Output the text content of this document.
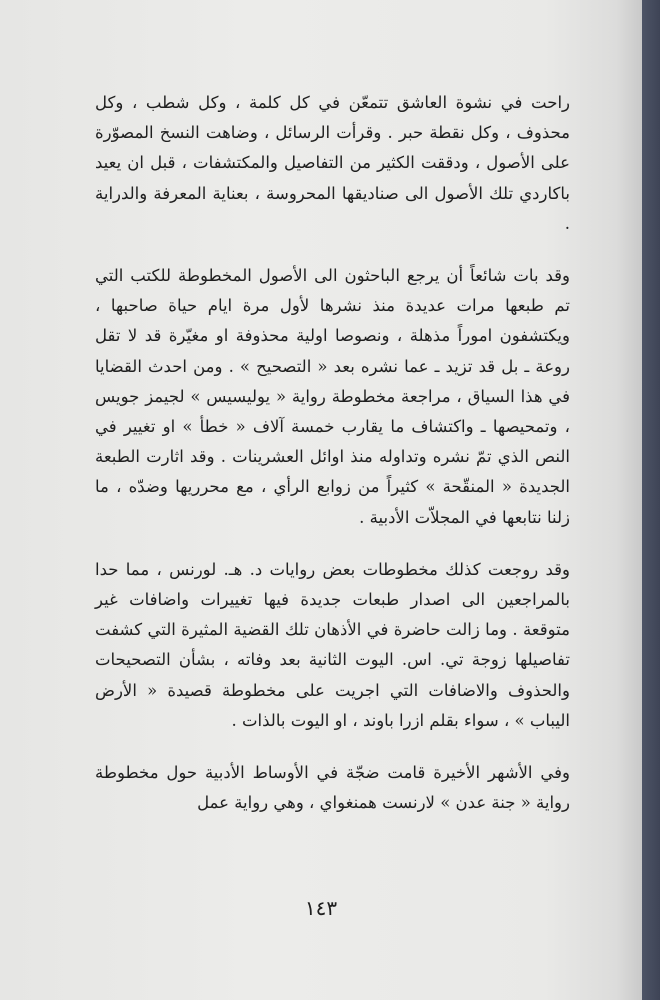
راحت في نشوة العاشق تتمعّن في كل كلمة ، وكل شطب ، وكل محذوف ، وكل نقطة حبر . وقرأت الرسائل ، وضاهت النسخ المصوّرة على الأصول ، ودققت الكثير من التفاصيل والمكتشفات ، قبل ان يعيد باكاردي تلك الأصول الى صناديقها المحروسة ، بعناية المعرفة والدراية .

وقد بات شائعاً أن يرجع الباحثون الى الأصول المخطوطة للكتب التي تم طبعها مرات عديدة منذ نشرها لأول مرة ايام حياة صاحبها ، ويكتشفون اموراً مذهلة ، ونصوصا اولية محذوفة او مغيّرة قد لا تقل روعة ـ بل قد تزيد ـ عما نشره بعد « التصحيح » . ومن احدث القضايا في هذا السياق ، مراجعة مخطوطة رواية « يوليسيس » لجيمز جويس ، وتمحيصها ـ واكتشاف ما يقارب خمسة آلاف « خطأ » او تغيير في النص الذي تمّ نشره وتداوله منذ اوائل العشرينات . وقد اثارت الطبعة الجديدة « المنقّحة » كثيراً من زوابع الرأي ، مع محرريها وضدّه ، ما زلنا نتابعها في المجلاّت الأدبية .

وقد روجعت كذلك مخطوطات بعض روايات د. هـ. لورنس ، مما حدا بالمراجعين الى اصدار طبعات جديدة فيها تغييرات واضافات غير متوقعة . وما زالت حاضرة في الأذهان تلك القضية المثيرة التي كشفت تفاصيلها زوجة تي. اس. اليوت الثانية بعد وفاته ، بشأن التصحيحات والحذوف والاضافات التي اجريت على مخطوطة قصيدة « الأرض اليباب » ، سواء بقلم ازرا باوند ، او اليوت بالذات .

وفي الأشهر الأخيرة قامت ضجّة في الأوساط الأدبية حول مخطوطة رواية « جنة عدن » لارنست همنغواي ، وهي رواية عمل

١٤٣
